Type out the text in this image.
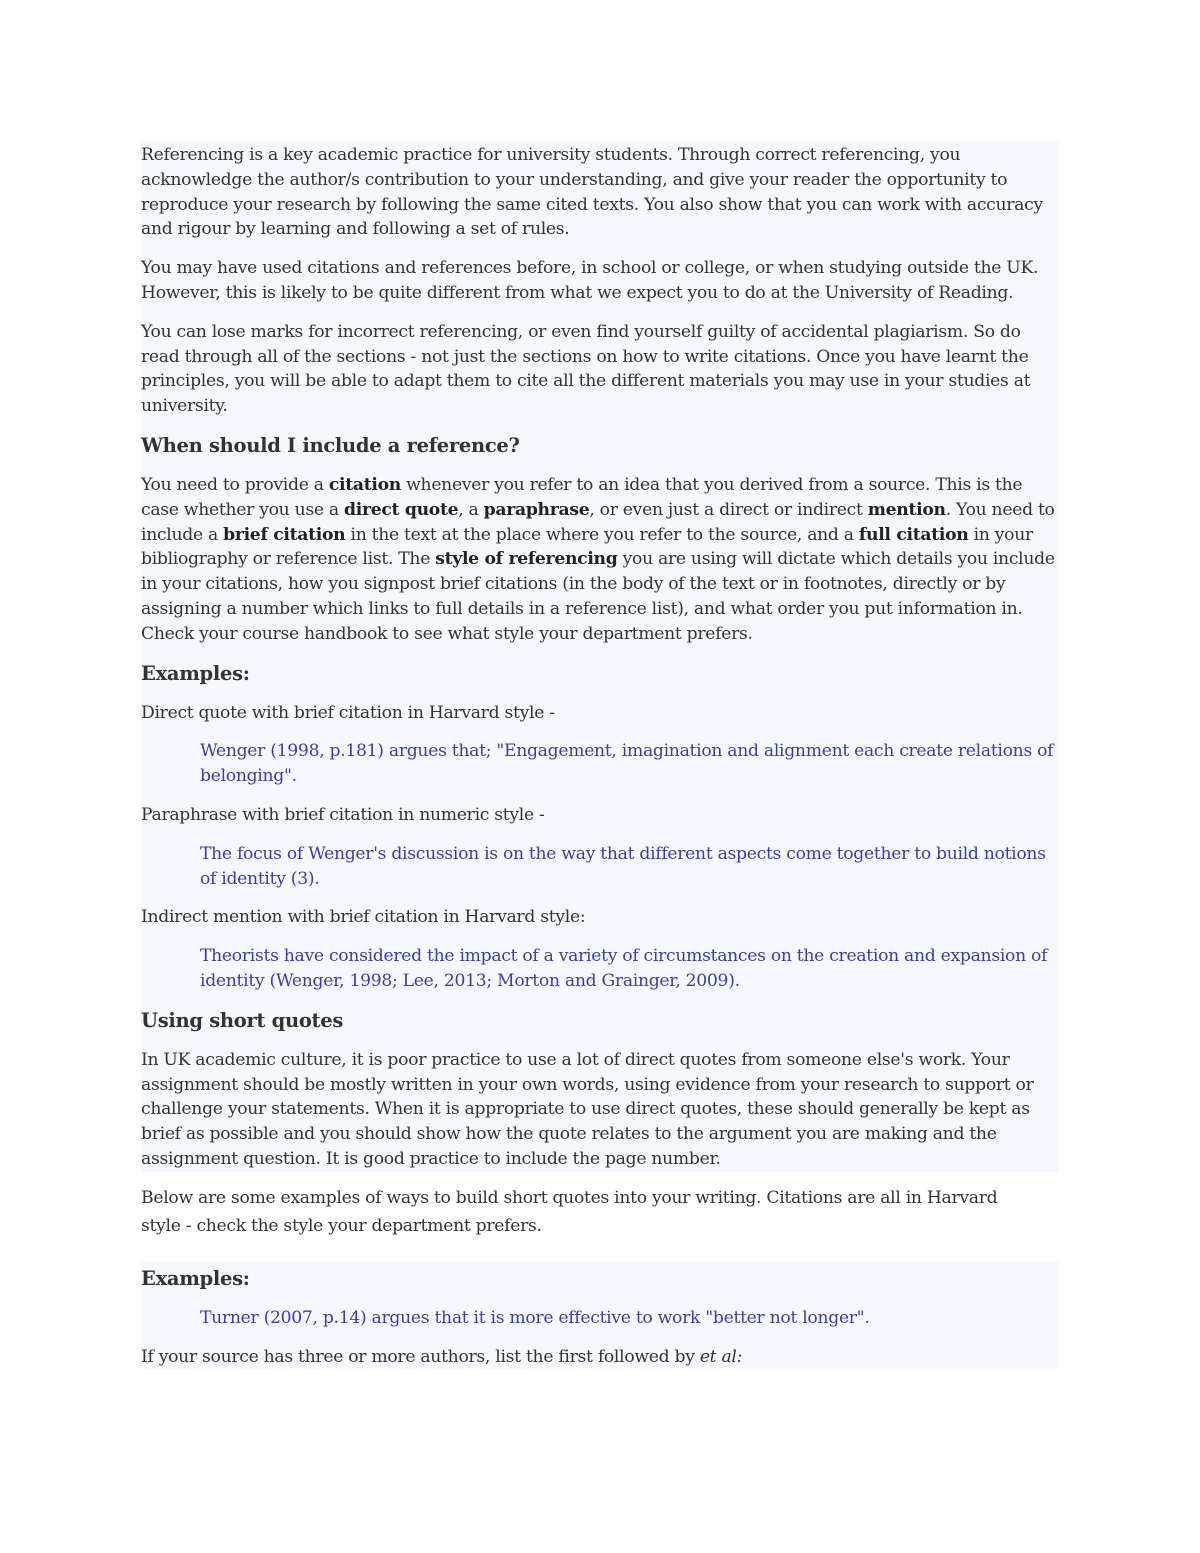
Referencing is a key academic practice for university students. Through correct referencing, you acknowledge the author/s contribution to your understanding, and give your reader the opportunity to reproduce your research by following the same cited texts. You also show that you can work with accuracy and rigour by learning and following a set of rules.

You may have used citations and references before, in school or college, or when studying outside the UK. However, this is likely to be quite different from what we expect you to do at the University of Reading.

You can lose marks for incorrect referencing, or even find yourself guilty of accidental plagiarism. So do read through all of the sections - not just the sections on how to write citations. Once you have learnt the principles, you will be able to adapt them to cite all the different materials you may use in your studies at university.

When should I include a reference?

You need to provide a citation whenever you refer to an idea that you derived from a source. This is the case whether you use a direct quote, a paraphrase, or even just a direct or indirect mention. You need to include a brief citation in the text at the place where you refer to the source, and a full citation in your bibliography or reference list. The style of referencing you are using will dictate which details you include in your citations, how you signpost brief citations (in the body of the text or in footnotes, directly or by assigning a number which links to full details in a reference list), and what order you put information in. Check your course handbook to see what style your department prefers.

Examples:

Direct quote with brief citation in Harvard style -

Wenger (1998, p.181) argues that; "Engagement, imagination and alignment each create relations of belonging".

Paraphrase with brief citation in numeric style -

The focus of Wenger's discussion is on the way that different aspects come together to build notions of identity (3).

Indirect mention with brief citation in Harvard style:

Theorists have considered the impact of a variety of circumstances on the creation and expansion of identity (Wenger, 1998; Lee, 2013; Morton and Grainger, 2009).

Using short quotes

In UK academic culture, it is poor practice to use a lot of direct quotes from someone else's work. Your assignment should be mostly written in your own words, using evidence from your research to support or challenge your statements. When it is appropriate to use direct quotes, these should generally be kept as brief as possible and you should show how the quote relates to the argument you are making and the assignment question. It is good practice to include the page number.

Below are some examples of ways to build short quotes into your writing. Citations are all in Harvard style - check the style your department prefers.

Examples:

Turner (2007, p.14) argues that it is more effective to work "better not longer".

If your source has three or more authors, list the first followed by et al:
